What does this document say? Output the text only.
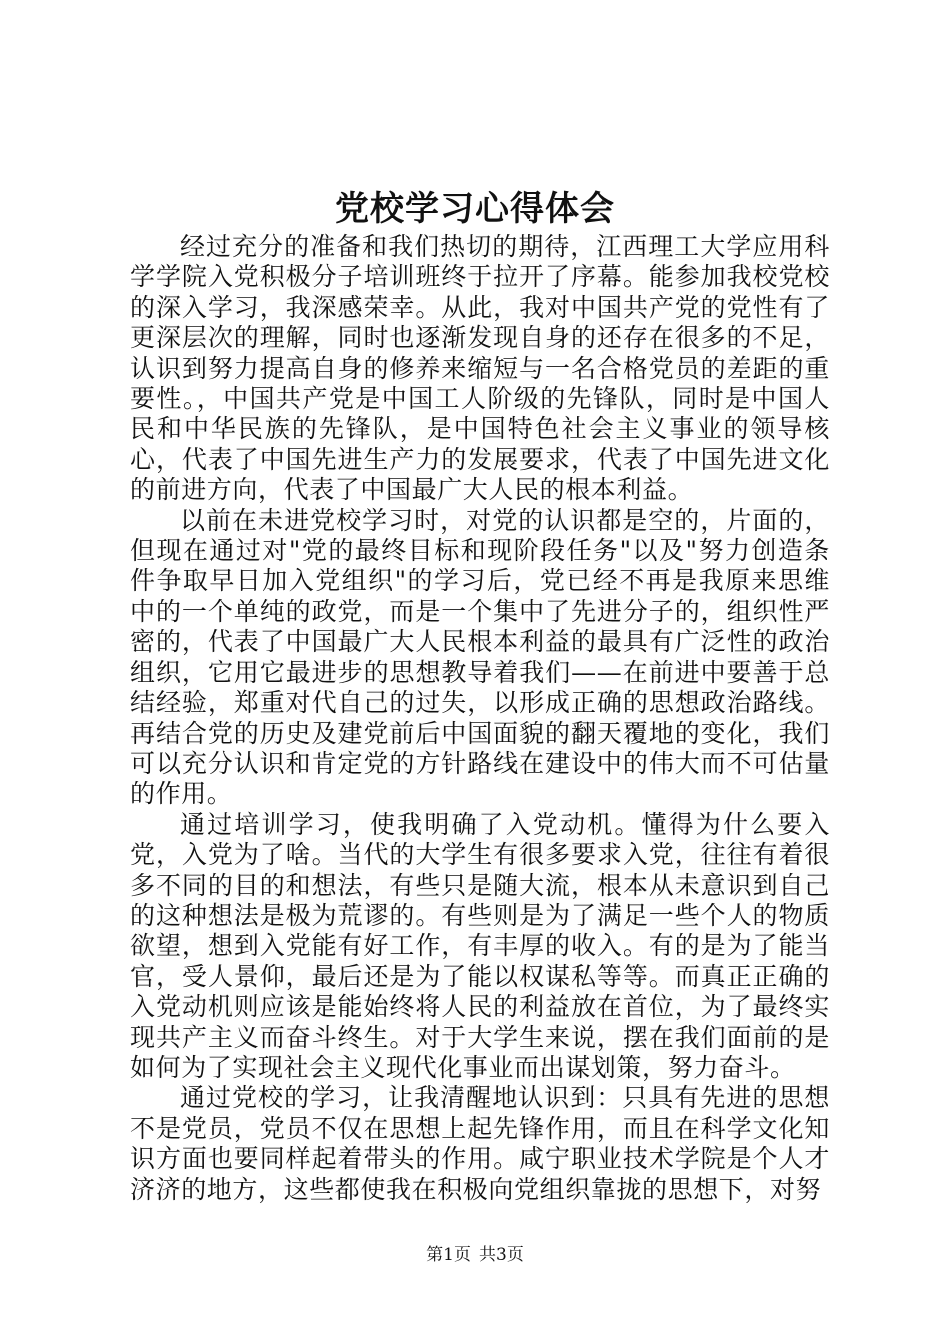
党校学习心得体会

经过充分的准备和我们热切的期待，江西理工大学应用科学学院入党积极分子培训班终于拉开了序幕。能参加我校党校的深入学习，我深感荣幸。从此，我对中国共产党的党性有了更深层次的理解，同时也逐渐发现自身的还存在很多的不足，认识到努力提高自身的修养来缩短与一名合格党员的差距的重要性。，中国共产党是中国工人阶级的先锋队，同时是中国人民和中华民族的先锋队，是中国特色社会主义事业的领导核心，代表了中国先进生产力的发展要求，代表了中国先进文化的前进方向，代表了中国最广大人民的根本利益。

以前在未进党校学习时，对党的认识都是空的，片面的，但现在通过对"党的最终目标和现阶段任务"以及"努力创造条件争取早日加入党组织"的学习后，党已经不再是我原来思维中的一个单纯的政党，而是一个集中了先进分子的，组织性严密的，代表了中国最广大人民根本利益的最具有广泛性的政治组织，它用它最进步的思想教导着我们——在前进中要善于总结经验，郑重对代自己的过失，以形成正确的思想政治路线。再结合党的历史及建党前后中国面貌的翻天覆地的变化，我们可以充分认识和肯定党的方针路线在建设中的伟大而不可估量的作用。

通过培训学习，使我明确了入党动机。懂得为什么要入党，入党为了啥。当代的大学生有很多要求入党，往往有着很多不同的目的和想法，有些只是随大流，根本从未意识到自己的这种想法是极为荒谬的。有些则是为了满足一些个人的物质欲望，想到入党能有好工作，有丰厚的收入。有的是为了能当官，受人景仰，最后还是为了能以权谋私等等。而真正正确的入党动机则应该是能始终将人民的利益放在首位，为了最终实现共产主义而奋斗终生。对于大学生来说，摆在我们面前的是如何为了实现社会主义现代化事业而出谋划策，努力奋斗。

通过党校的学习，让我清醒地认识到：只具有先进的思想不是党员，党员不仅在思想上起先锋作用，而且在科学文化知识方面也要同样起着带头的作用。咸宁职业技术学院是个人才济济的地方，这些都使我在积极向党组织靠拢的思想下，对努

第1页 共3页
